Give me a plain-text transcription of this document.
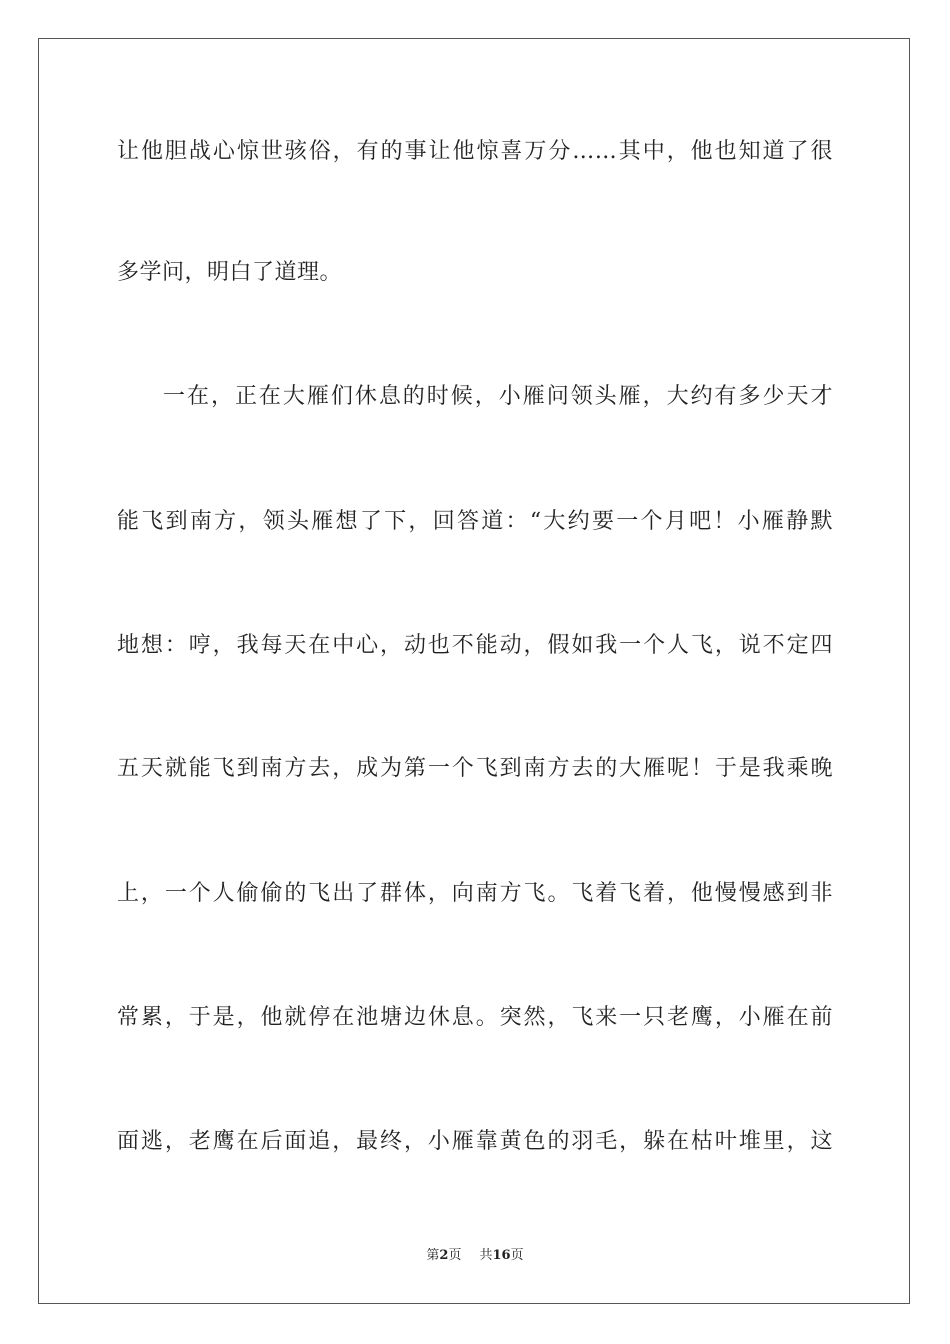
让他胆战心惊世骇俗，有的事让他惊喜万分……其中，他也知道了很
多学问，明白了道理。
一在，正在大雁们休息的时候，小雁问领头雁，大约有多少天才
能飞到南方，领头雁想了下，回答道：“大约要一个月吧！小雁静默
地想：哼，我每天在中心，动也不能动，假如我一个人飞，说不定四
五天就能飞到南方去，成为第一个飞到南方去的大雁呢！于是我乘晚
上，一个人偷偷的飞出了群体，向南方飞。飞着飞着，他慢慢感到非
常累，于是，他就停在池塘边休息。突然，飞来一只老鹰，小雁在前
面逃，老鹰在后面追，最终，小雁靠黄色的羽毛，躲在枯叶堆里，这
第2页 共16页
